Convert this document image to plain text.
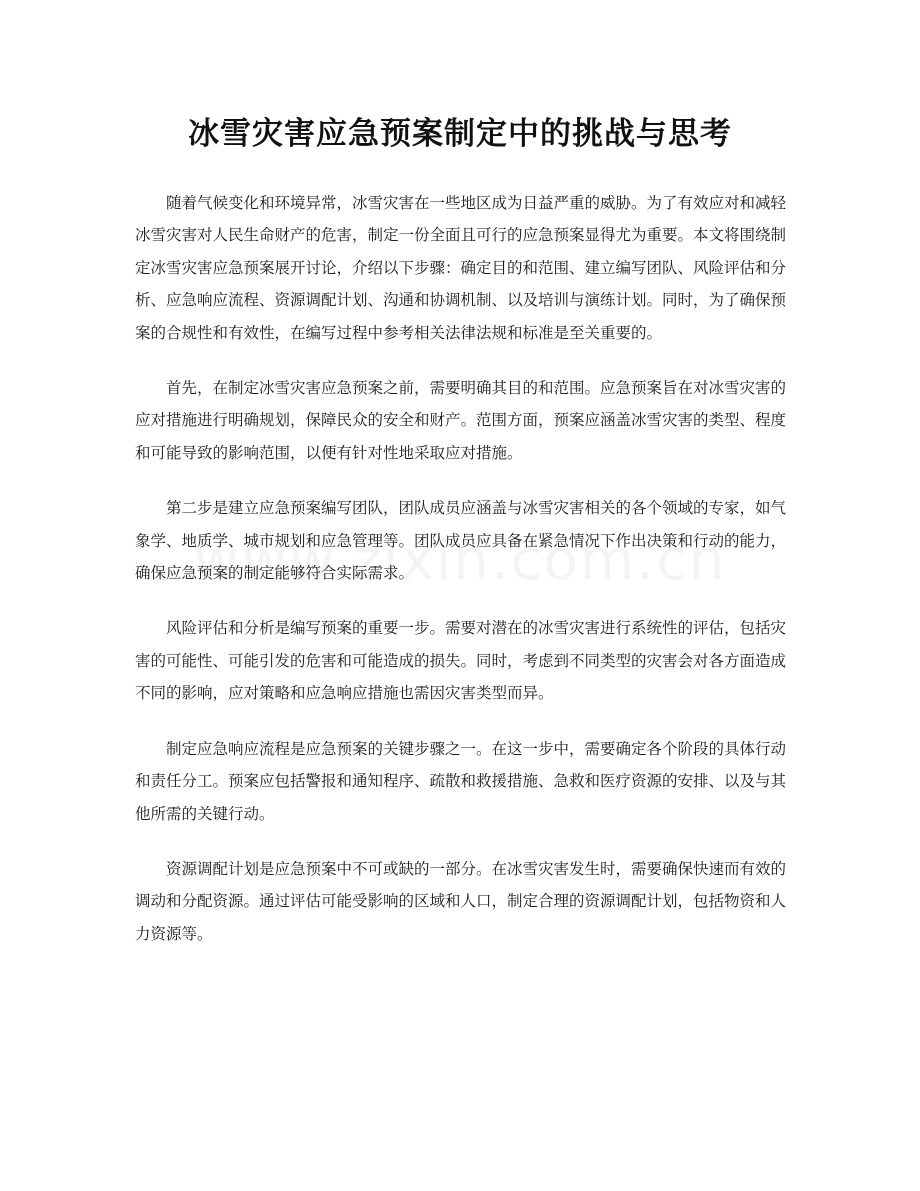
冰雪灾害应急预案制定中的挑战与思考

随着气候变化和环境异常，冰雪灾害在一些地区成为日益严重的威胁。为了有效应对和减轻冰雪灾害对人民生命财产的危害，制定一份全面且可行的应急预案显得尤为重要。本文将围绕制定冰雪灾害应急预案展开讨论，介绍以下步骤：确定目的和范围、建立编写团队、风险评估和分析、应急响应流程、资源调配计划、沟通和协调机制、以及培训与演练计划。同时，为了确保预案的合规性和有效性，在编写过程中参考相关法律法规和标准是至关重要的。

首先，在制定冰雪灾害应急预案之前，需要明确其目的和范围。应急预案旨在对冰雪灾害的应对措施进行明确规划，保障民众的安全和财产。范围方面，预案应涵盖冰雪灾害的类型、程度和可能导致的影响范围，以便有针对性地采取应对措施。

第二步是建立应急预案编写团队，团队成员应涵盖与冰雪灾害相关的各个领域的专家，如气象学、地质学、城市规划和应急管理等。团队成员应具备在紧急情况下作出决策和行动的能力，确保应急预案的制定能够符合实际需求。

风险评估和分析是编写预案的重要一步。需要对潜在的冰雪灾害进行系统性的评估，包括灾害的可能性、可能引发的危害和可能造成的损失。同时，考虑到不同类型的灾害会对各方面造成不同的影响，应对策略和应急响应措施也需因灾害类型而异。

制定应急响应流程是应急预案的关键步骤之一。在这一步中，需要确定各个阶段的具体行动和责任分工。预案应包括警报和通知程序、疏散和救援措施、急救和医疗资源的安排、以及与其他所需的关键行动。

资源调配计划是应急预案中不可或缺的一部分。在冰雪灾害发生时，需要确保快速而有效的调动和分配资源。通过评估可能受影响的区域和人口，制定合理的资源调配计划，包括物资和人力资源等。
